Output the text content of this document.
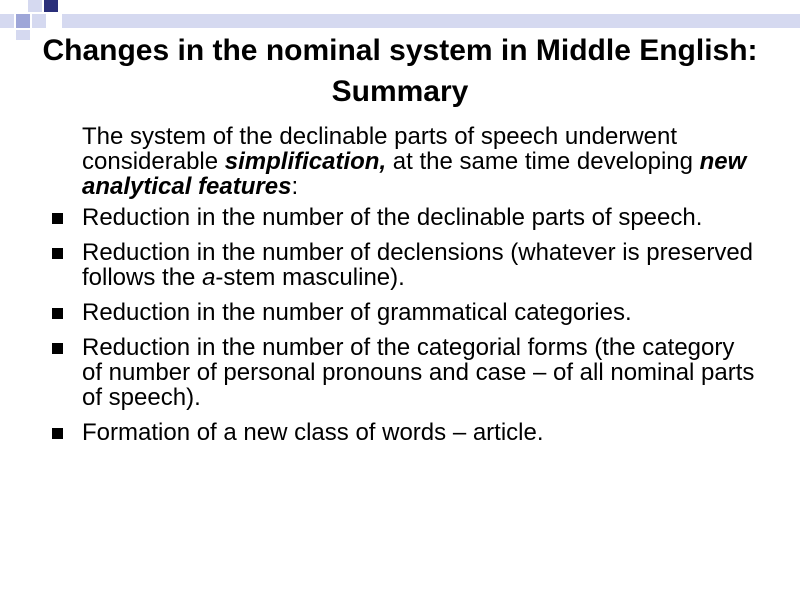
Changes in the nominal system in Middle English: Summary

The system of the declinable parts of speech underwent considerable simplification, at the same time developing new analytical features:

Reduction in the number of the declinable parts of speech.
Reduction in the number of declensions (whatever is preserved follows the a-stem masculine).
Reduction in the number of grammatical categories.
Reduction in the number of the categorial forms (the category of number of personal pronouns and case – of all nominal parts of speech).
Formation of a new class of words – article.
